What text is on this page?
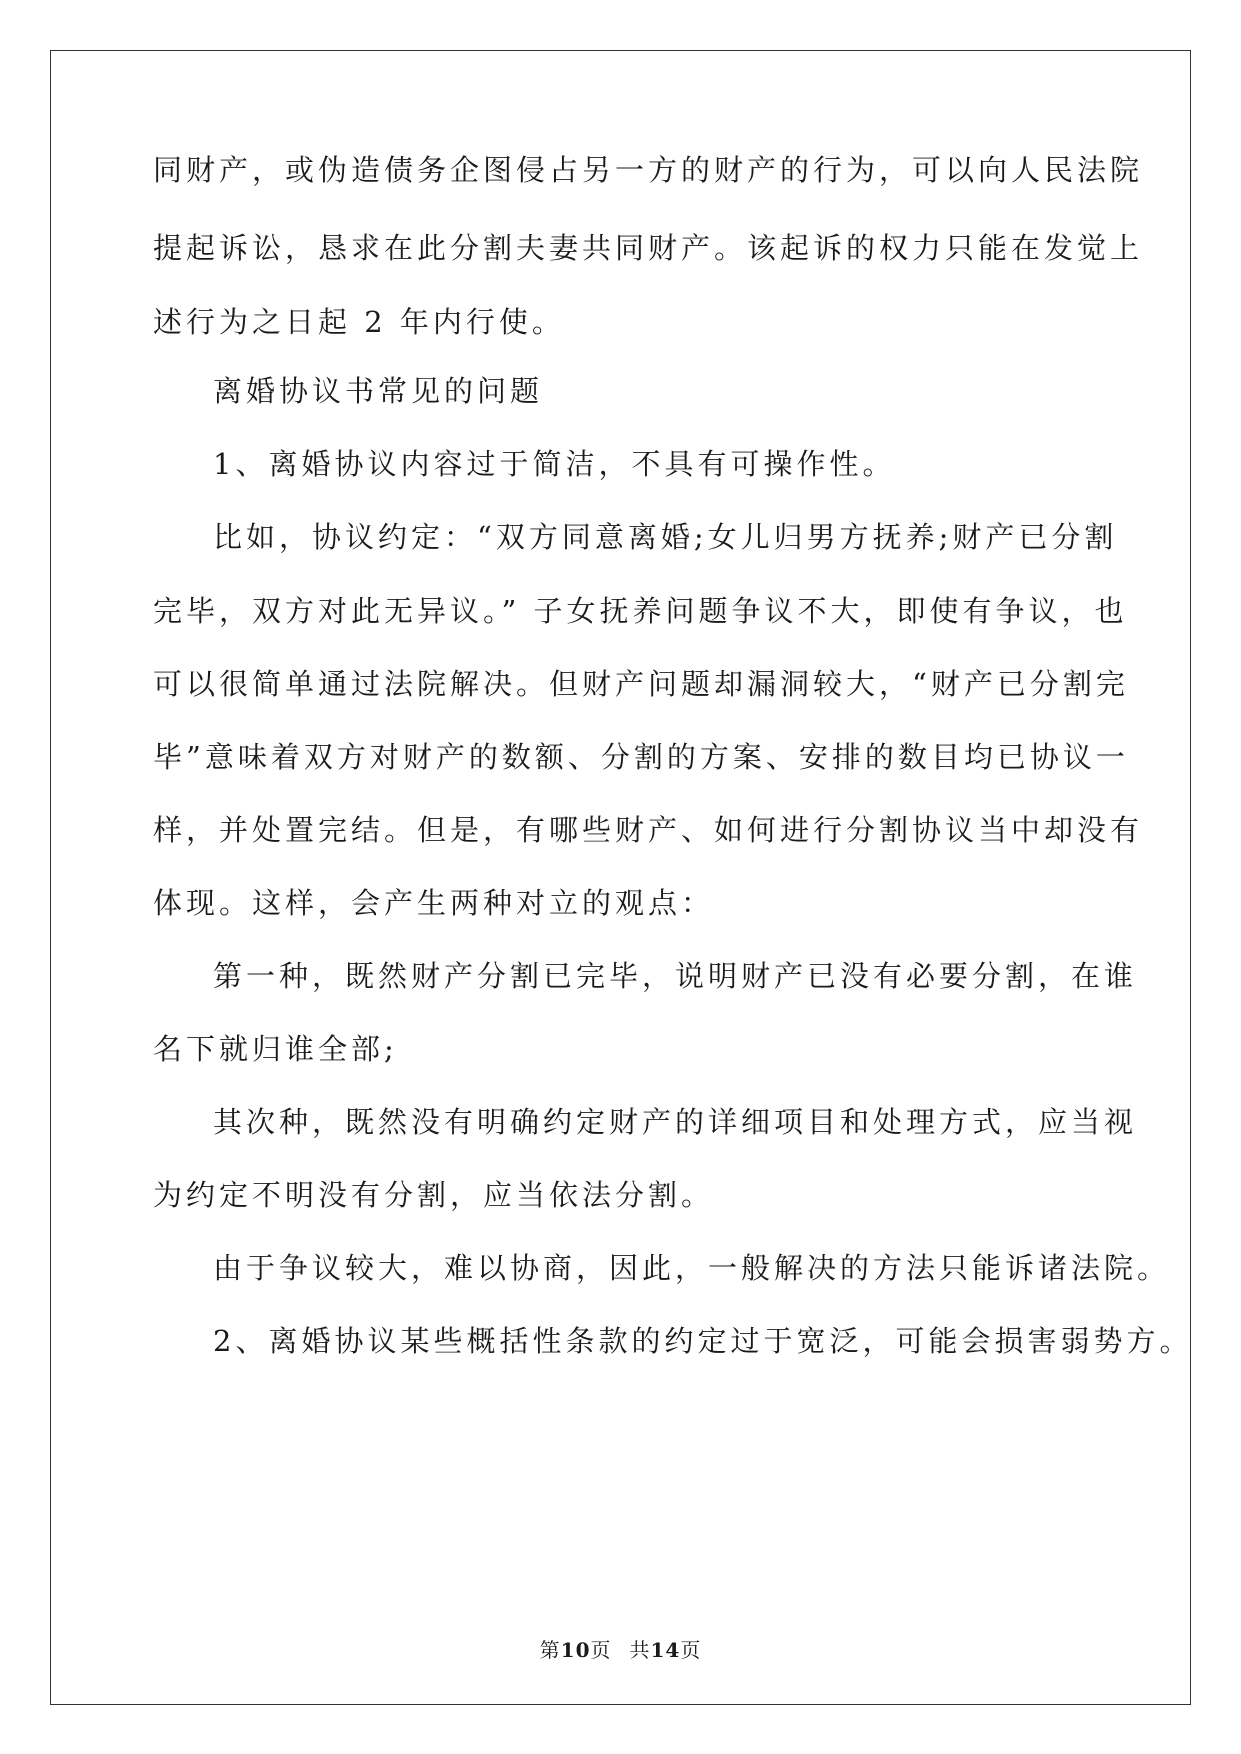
同财产，或伪造债务企图侵占另一方的财产的行为，可以向人民法院
提起诉讼，恳求在此分割夫妻共同财产。该起诉的权力只能在发觉上
述行为之日起 2 年内行使。
离婚协议书常见的问题
1、离婚协议内容过于简洁，不具有可操作性。
比如，协议约定：“双方同意离婚;女儿归男方抚养;财产已分割
完毕，双方对此无异议。” 子女抚养问题争议不大，即使有争议，也
可以很简单通过法院解决。但财产问题却漏洞较大，“财产已分割完
毕”意味着双方对财产的数额、分割的方案、安排的数目均已协议一
样，并处置完结。但是，有哪些财产、如何进行分割协议当中却没有
体现。这样，会产生两种对立的观点：
第一种，既然财产分割已完毕，说明财产已没有必要分割，在谁
名下就归谁全部;
其次种，既然没有明确约定财产的详细项目和处理方式，应当视
为约定不明没有分割，应当依法分割。
由于争议较大，难以协商，因此，一般解决的方法只能诉诸法院。
2、离婚协议某些概括性条款的约定过于宽泛，可能会损害弱势方。
第10页 共14页
